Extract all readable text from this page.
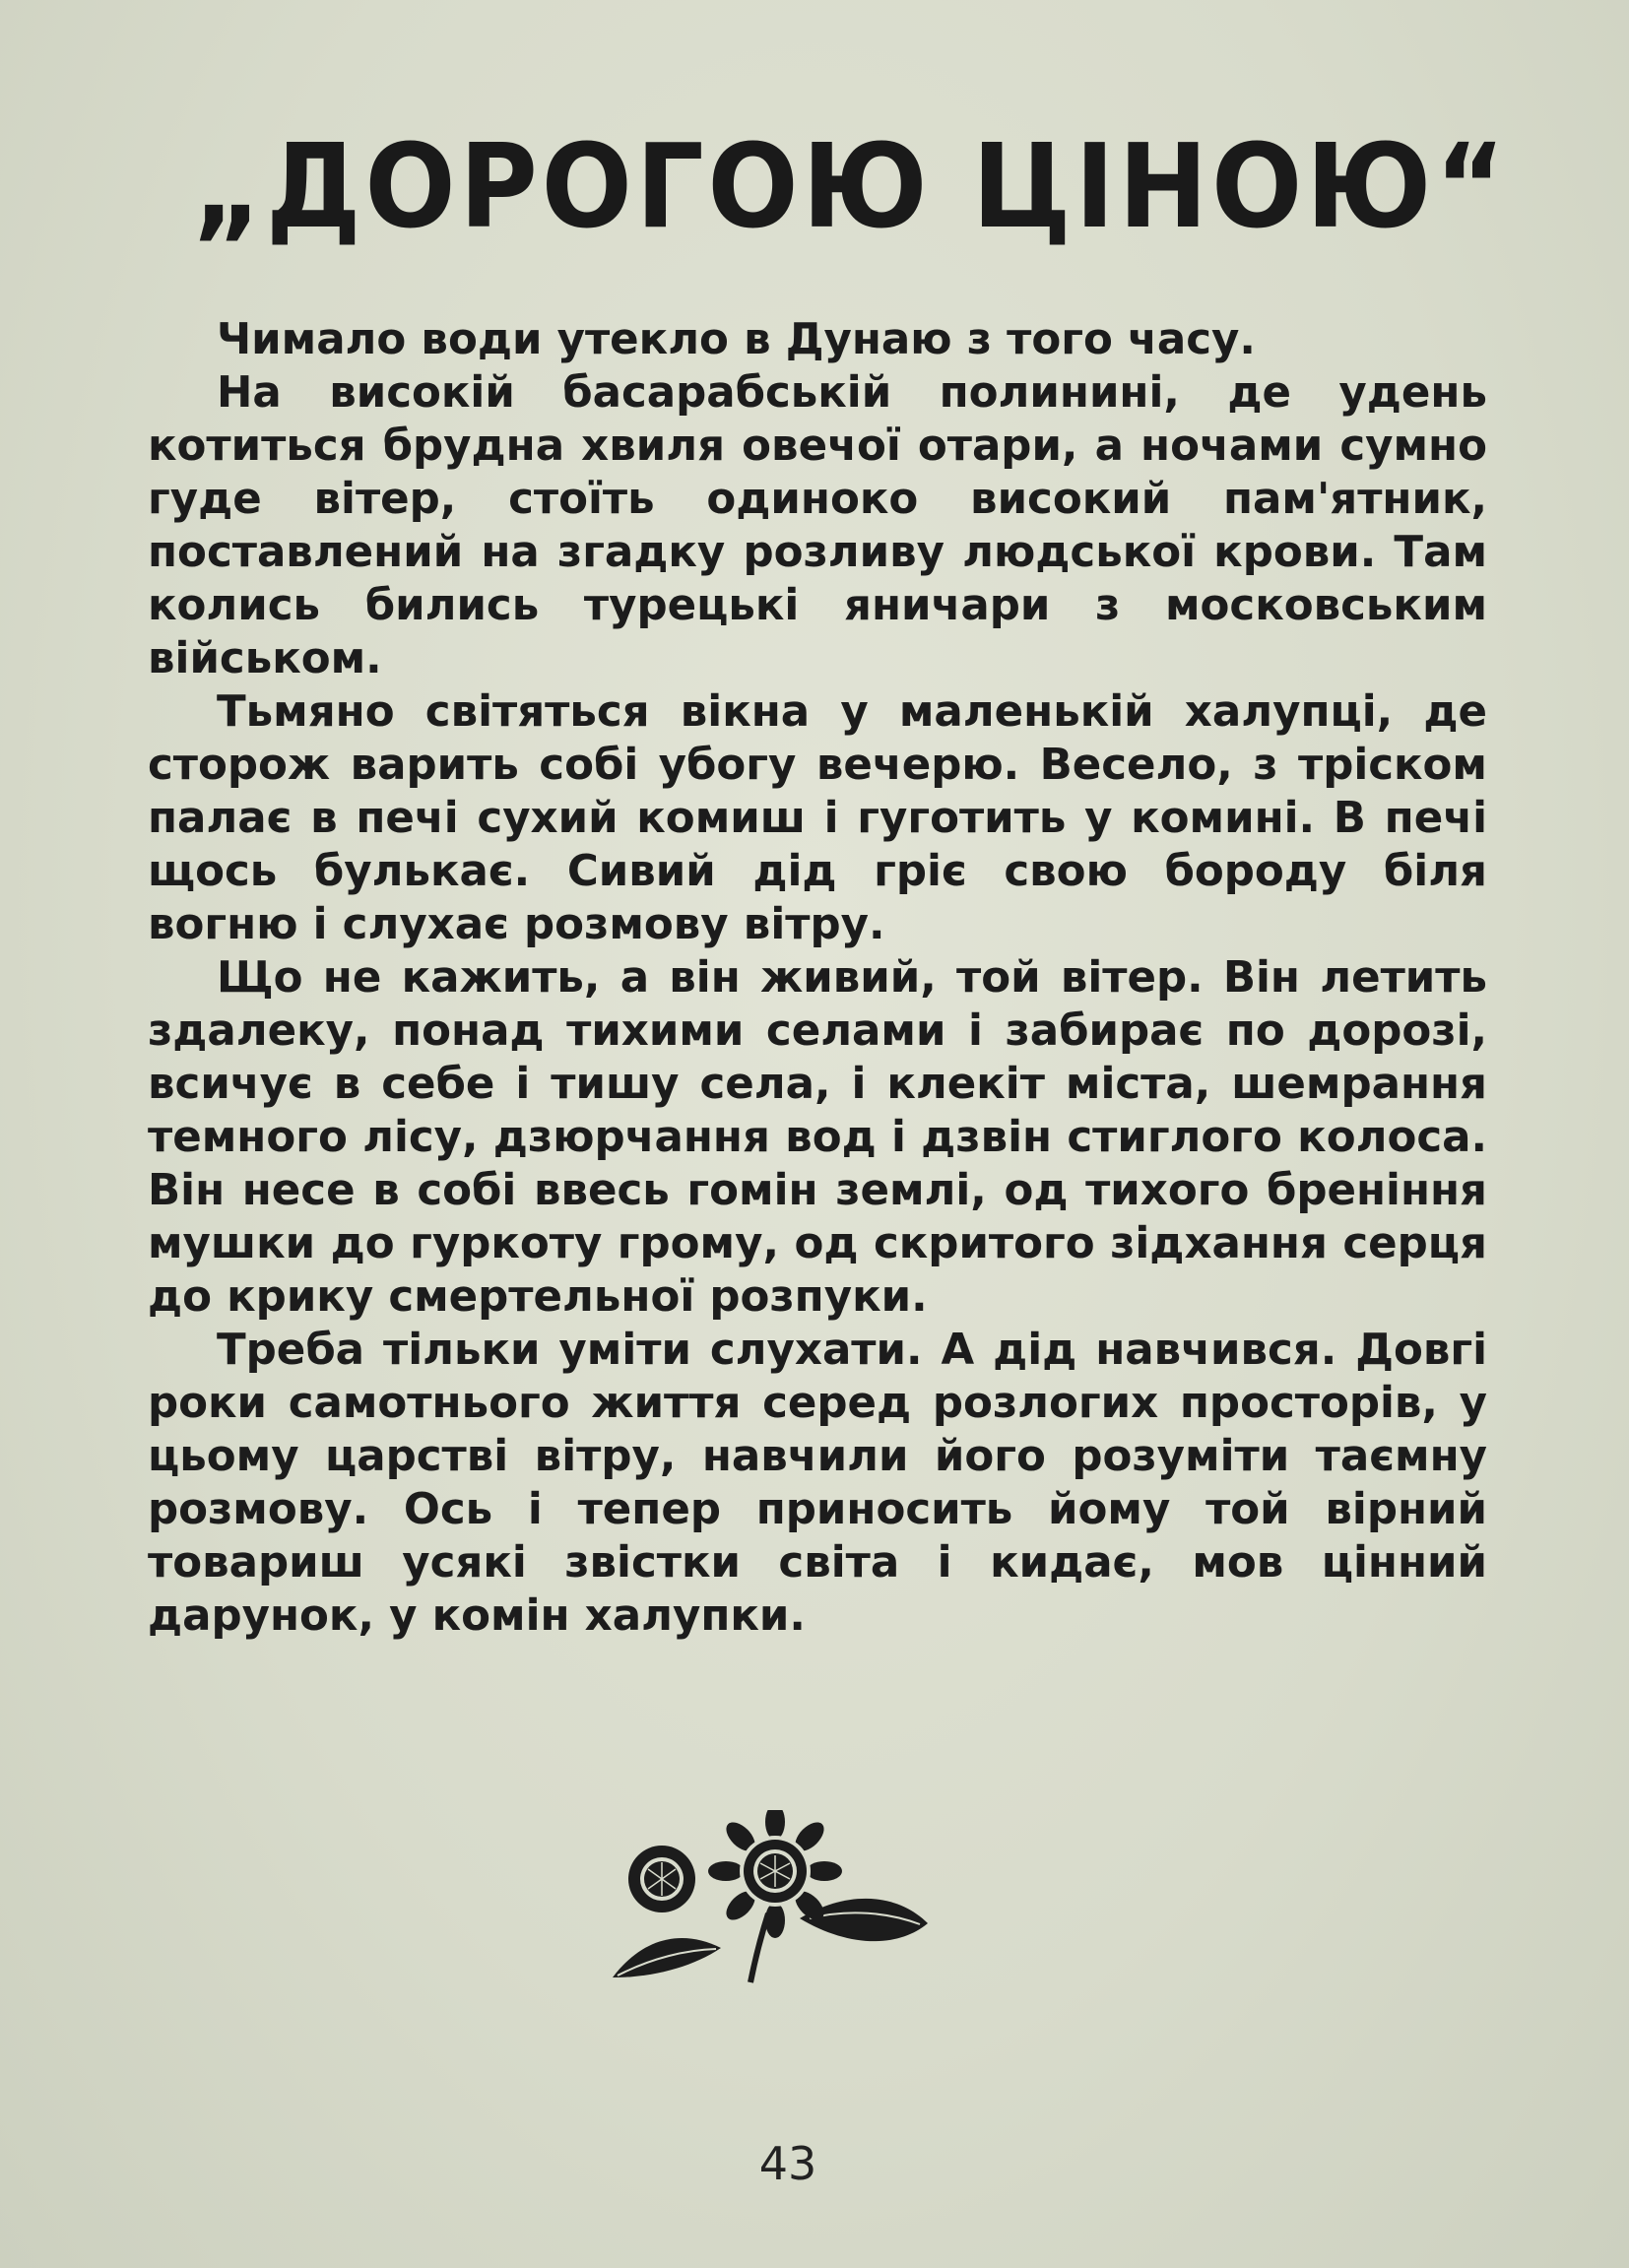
„ДОРОГОЮ ЦІНОЮ“

Чимало води утекло в Дунаю з того часу.

На високій басарабській полинині, де удень котиться брудна хвиля овечої отари, а ночами сумно гуде вітер, стоїть одиноко високий пам'ятник, поставлений на згадку розливу людської крови. Там колись бились турецькі яничари з московським військом.

Тьмяно світяться вікна у маленькій халупці, де сторож варить собі убогу вечерю. Весело, з тріском палає в печі сухий комиш і гуготить у комині. В печі щось булькає. Сивий дід гріє свою бороду біля вогню і слухає розмову вітру.

Що не кажить, а він живий, той вітер. Він летить здалеку, понад тихими селами і забирає по дорозі, всичує в себе і тишу села, і клекіт міста, шемрання темного лісу, дзюрчання вод і дзвін стиглого колоса. Він несе в собі ввесь гомін землі, од тихого бреніння мушки до гуркоту грому, од скритого зідхання серця до крику смертельної розпуки.

Треба тільки уміти слухати. А дід навчився. Довгі роки самотнього життя серед розлогих просторів, у цьому царстві вітру, навчили його розуміти таємну розмову. Ось і тепер приносить йому той вірний товариш усякі звістки світа і кидає, мов цінний дарунок, у комін халупки.

43
